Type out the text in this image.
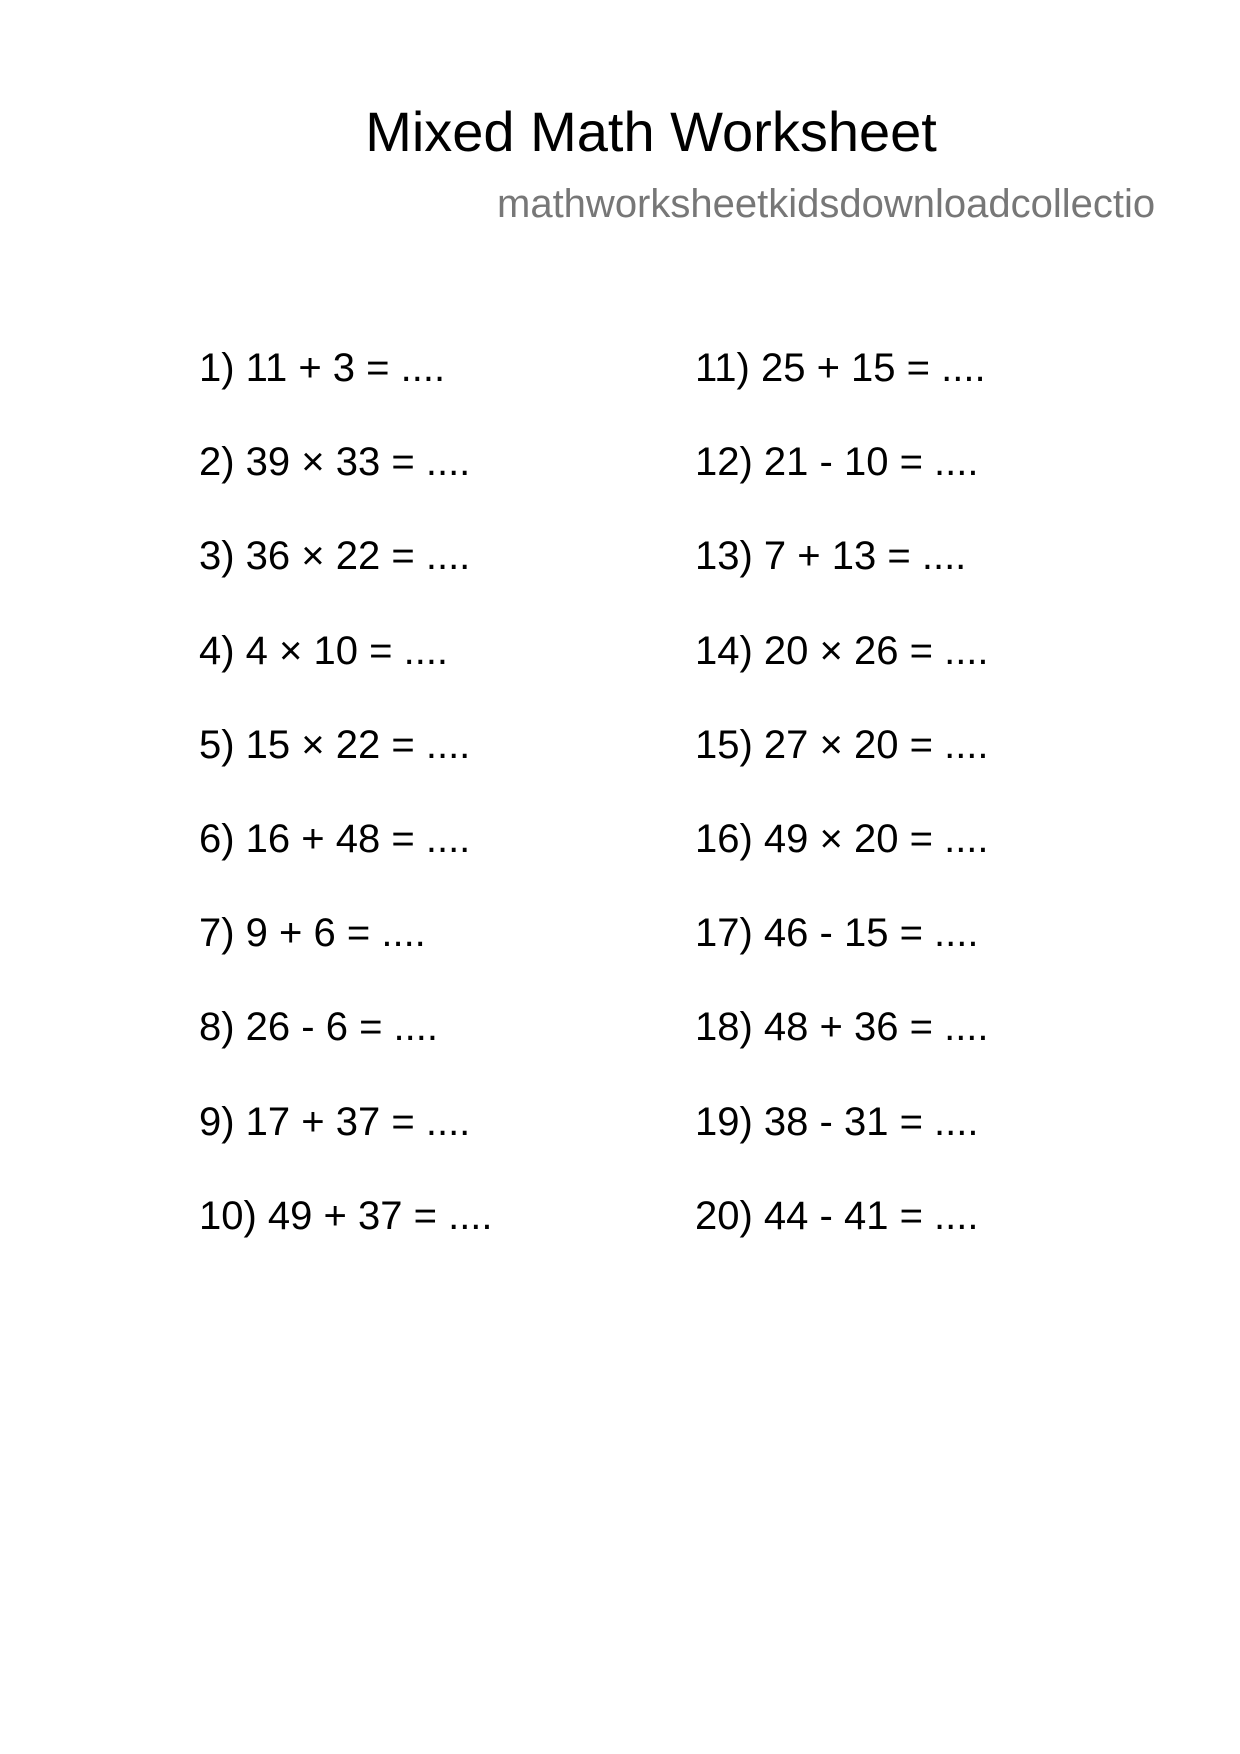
Mixed Math Worksheet
mathworksheetkidsdownloadcollectio
1) 11 + 3 = ....
2) 39 × 33 = ....
3) 36 × 22 = ....
4) 4 × 10 = ....
5) 15 × 22 = ....
6) 16 + 48 = ....
7) 9 + 6 = ....
8) 26 - 6 = ....
9) 17 + 37 = ....
10) 49 + 37 = ....
11) 25 + 15 = ....
12) 21 - 10 = ....
13) 7 + 13 = ....
14) 20 × 26 = ....
15) 27 × 20 = ....
16) 49 × 20 = ....
17) 46 - 15 = ....
18) 48 + 36 = ....
19) 38 - 31 = ....
20) 44 - 41 = ....
